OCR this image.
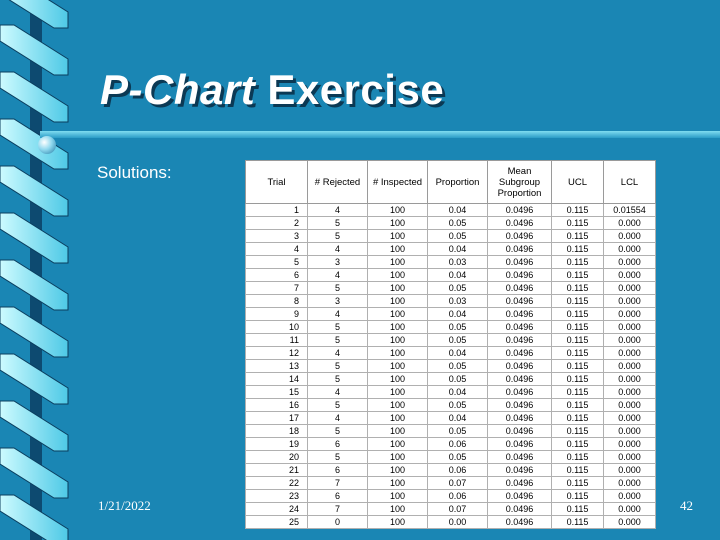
P-Chart Exercise
Solutions:	Trial	# Rejected	# Inspected	Proportion	Mean Subgroup Proportion	UCL	LCL
1	4	100	0.04	0.0496	0.115	0.01554
2	5	100	0.05	0.0496	0.115	0.000
3	5	100	0.05	0.0496	0.115	0.000
4	4	100	0.04	0.0496	0.115	0.000
5	3	100	0.03	0.0496	0.115	0.000
6	4	100	0.04	0.0496	0.115	0.000
7	5	100	0.05	0.0496	0.115	0.000
8	3	100	0.03	0.0496	0.115	0.000
9	4	100	0.04	0.0496	0.115	0.000
10	5	100	0.05	0.0496	0.115	0.000
11	5	100	0.05	0.0496	0.115	0.000
12	4	100	0.04	0.0496	0.115	0.000
13	5	100	0.05	0.0496	0.115	0.000
14	5	100	0.05	0.0496	0.115	0.000
15	4	100	0.04	0.0496	0.115	0.000
16	5	100	0.05	0.0496	0.115	0.000
17	4	100	0.04	0.0496	0.115	0.000
18	5	100	0.05	0.0496	0.115	0.000
19	6	100	0.06	0.0496	0.115	0.000
20	5	100	0.05	0.0496	0.115	0.000
21	6	100	0.06	0.0496	0.115	0.000
22	7	100	0.07	0.0496	0.115	0.000
23	6	100	0.06	0.0496	0.115	0.000
24	7	100	0.07	0.0496	0.115	0.000
25	0	100	0.00	0.0496	0.115	0.000
1/21/2022	42
